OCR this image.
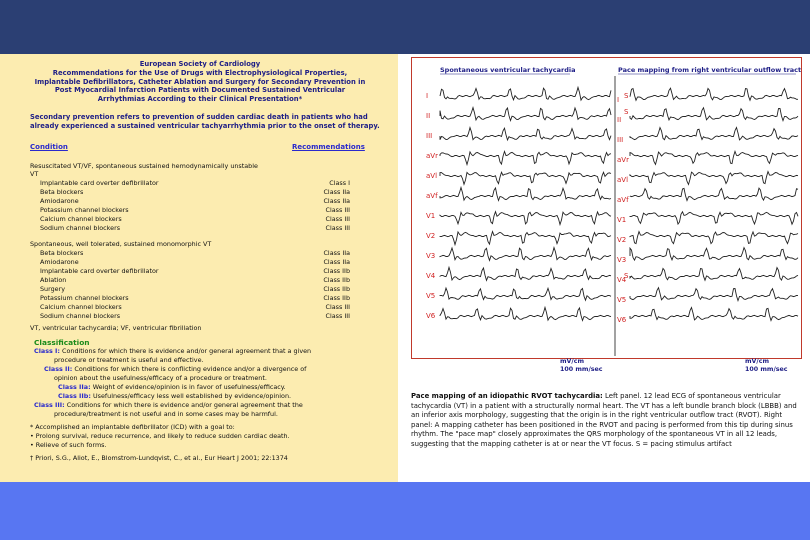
European Society of Cardiology
Recommendations for the Use of Drugs with Electrophysiological Properties,
Implantable Defibrillators, Catheter Ablation and Surgery for Secondary Prevention in
Post Myocardial Infarction Patients with Documented Sustained Ventricular
Arrhythmias According to their Clinical Presentation*
Secondary prevention refers to prevention of sudden cardiac death in patients who had already experienced a sustained ventricular tachyarrhythmia prior to the onset of therapy.
Condition	Recommendations
Resuscitated VT/VF, spontaneous sustained hemodynamically unstable VT
Implantable card overter defibrillator	Class I
Beta blockers	Class IIa
Amiodarone	Class IIa
Potassium channel blockers	Class III
Calcium channel blockers	Class III
Sodium channel blockers	Class III
Spontaneous, well tolerated, sustained monomorphic VT
Beta blockers	Class IIa
Amiodarone	Class IIa
Implantable card overter defibrillator	Class IIb
Ablation	Class IIb
Surgery	Class IIb
Potassium channel blockers	Class IIb
Calcium channel blockers	Class III
Sodium channel blockers	Class III
VT, ventricular tachycardia; VF, ventricular fibrillation
Classification
Class I: Conditions for which there is evidence and/or general agreement that a given
procedure or treatment is useful and effective.
Class II: Conditions for which there is conflicting evidence and/or a divergence of
opinion about the usefulness/efficacy of a procedure or treatment.
Class IIa: Weight of evidence/opinion is in favor of usefulness/efficacy.
Class IIb: Usefulness/efficacy less well established by evidence/opinion.
Class III: Conditions for which there is evidence and/or general agreement that the
procedure/treatment is not useful and in some cases may be harmful.
* Accomplished an implantable defibrillator (ICD) with a goal to:
• Prolong survival, reduce recurrence, and likely to reduce sudden cardiac death.
• Relieve of such forms.
† Priori, S.G., Aliot, E., Blomstrom-Lundqvist, C., et al., Eur Heart J 2001; 22:1374
Spontaneous ventricular tachycardia	Pace mapping from right ventricular outflow tract
I	I
II	II
III	III
aVr	aVr
aVl	aVl
aVf	aVf
V1	V1
V2	V2
V3	V3
V4	V4
V5	V5
V6	V6
S
S
S
mV/cm
100 mm/sec
mV/cm
100 mm/sec
Pace mapping of an idiopathic RVOT tachycardia: Left panel. 12 lead ECG of spontaneous ventricular tachycardia (VT) in a patient with a structurally normal heart. The VT has a left bundle branch block (LBBB) and an inferior axis morphology, suggesting that the origin is in the right ventricular outflow tract (RVOT). Right panel: A mapping catheter has been positioned in the RVOT and pacing is performed from this tip during sinus rhythm. The "pace map" closely approximates the QRS morphology of the spontaneous VT in all 12 leads, suggesting that the mapping catheter is at or near the VT focus. S = pacing stimulus artifact
